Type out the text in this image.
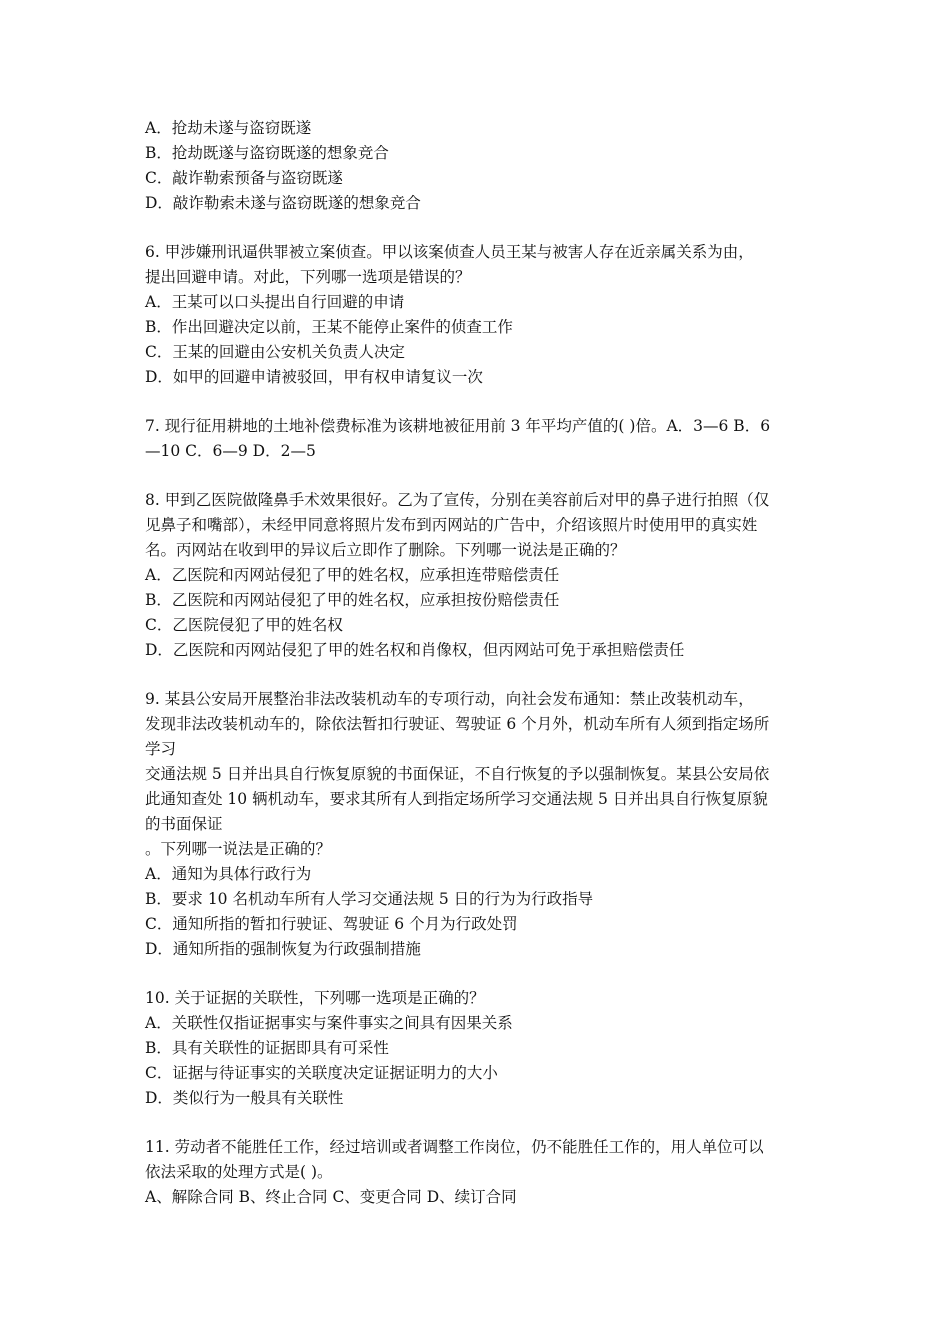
A．抢劫未遂与盗窃既遂
B．抢劫既遂与盗窃既遂的想象竞合
C．敲诈勒索预备与盗窃既遂
D．敲诈勒索未遂与盗窃既遂的想象竞合
6. 甲涉嫌刑讯逼供罪被立案侦查。甲以该案侦查人员王某与被害人存在近亲属关系为由，
提出回避申请。对此，下列哪一选项是错误的？
A．王某可以口头提出自行回避的申请
B．作出回避决定以前，王某不能停止案件的侦查工作
C．王某的回避由公安机关负责人决定
D．如甲的回避申请被驳回，甲有权申请复议一次
7. 现行征用耕地的土地补偿费标准为该耕地被征用前 3 年平均产值的( )倍。A．3—6 B．6
—10 C．6—9 D．2—5
8. 甲到乙医院做隆鼻手术效果很好。乙为了宣传，分别在美容前后对甲的鼻子进行拍照（仅
见鼻子和嘴部），未经甲同意将照片发布到丙网站的广告中，介绍该照片时使用甲的真实姓
名。丙网站在收到甲的异议后立即作了删除。下列哪一说法是正确的？
A．乙医院和丙网站侵犯了甲的姓名权，应承担连带赔偿责任
B．乙医院和丙网站侵犯了甲的姓名权，应承担按份赔偿责任
C．乙医院侵犯了甲的姓名权
D．乙医院和丙网站侵犯了甲的姓名权和肖像权，但丙网站可免于承担赔偿责任
9. 某县公安局开展整治非法改装机动车的专项行动，向社会发布通知：禁止改装机动车，
发现非法改装机动车的，除依法暂扣行驶证、驾驶证 6 个月外，机动车所有人须到指定场所
学习
交通法规 5 日并出具自行恢复原貌的书面保证，不自行恢复的予以强制恢复。某县公安局依
此通知查处 10 辆机动车，要求其所有人到指定场所学习交通法规 5 日并出具自行恢复原貌
的书面保证
。下列哪一说法是正确的？
A．通知为具体行政行为
B．要求 10 名机动车所有人学习交通法规 5 日的行为为行政指导
C．通知所指的暂扣行驶证、驾驶证 6 个月为行政处罚
D．通知所指的强制恢复为行政强制措施
10. 关于证据的关联性，下列哪一选项是正确的？
A．关联性仅指证据事实与案件事实之间具有因果关系
B．具有关联性的证据即具有可采性
C．证据与待证事实的关联度决定证据证明力的大小
D．类似行为一般具有关联性
11. 劳动者不能胜任工作，经过培训或者调整工作岗位，仍不能胜任工作的，用人单位可以
依法采取的处理方式是( )。
A、解除合同 B、终止合同 C、变更合同 D、续订合同
